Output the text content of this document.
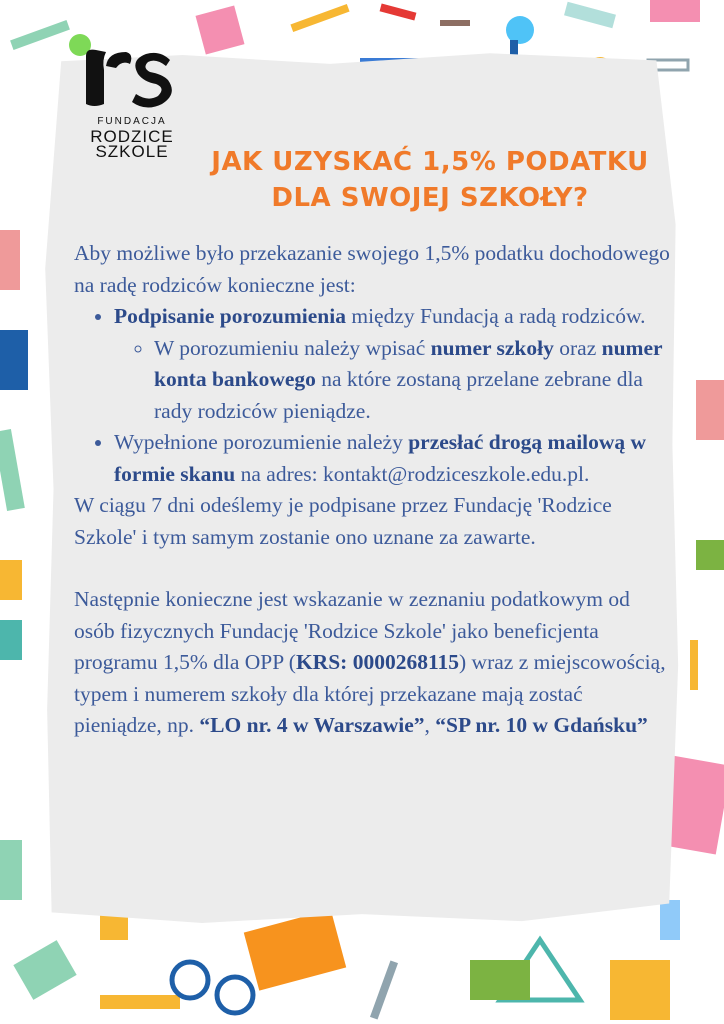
FUNDACJA
RODZICE
SZKOLE	JAK UZYSKAĆ 1,5% PODATKU DLA SWOJEJ SZKOŁY?

Aby możliwe było przekazanie swojego 1,5% podatku dochodowego na radę rodziców konieczne jest:

• Podpisanie porozumienia między Fundacją a radą rodziców.
◦ W porozumieniu należy wpisać numer szkoły oraz numer konta bankowego na które zostaną przelane zebrane dla rady rodziców pieniądze.
• Wypełnione porozumienie należy przesłać drogą mailową w formie skanu na adres: kontakt@rodziceszkole.edu.pl.

W ciągu 7 dni odeślemy je podpisane przez Fundację 'Rodzice Szkole' i tym samym zostanie ono uznane za zawarte.

Następnie konieczne jest wskazanie w zeznaniu podatkowym od osób fizycznych Fundację 'Rodzice Szkole' jako beneficjenta programu 1,5% dla OPP (KRS: 0000268115) wraz z miejscowością, typem i numerem szkoły dla której przekazane mają zostać pieniądze, np. “LO nr. 4 w Warszawie”, “SP nr. 10 w Gdańsku”
